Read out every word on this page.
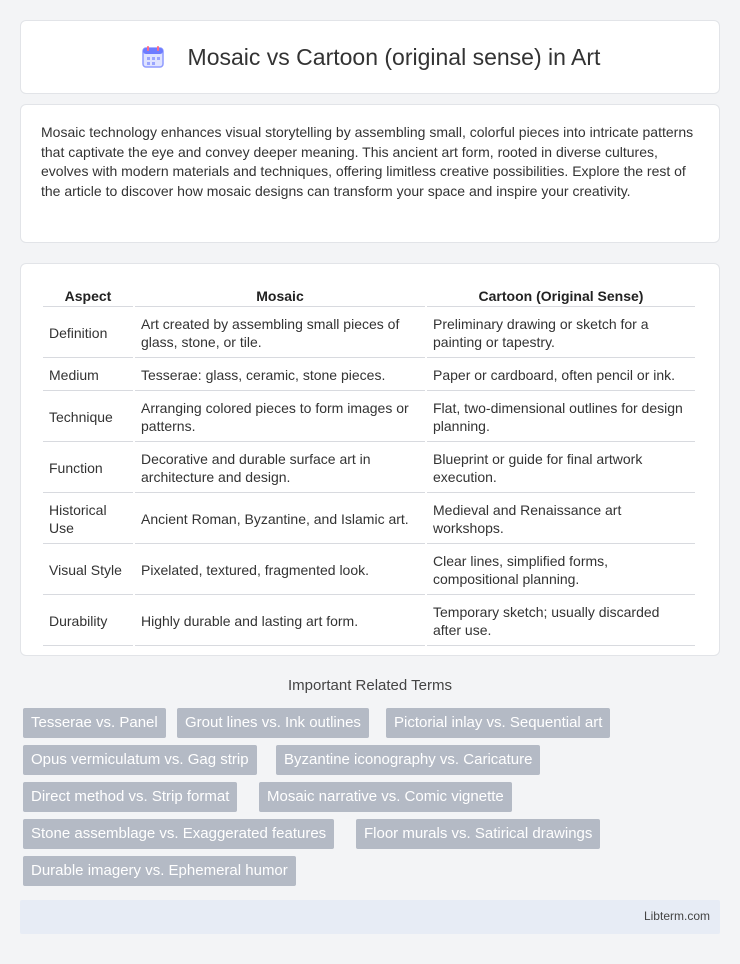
Mosaic vs Cartoon (original sense) in Art

Mosaic technology enhances visual storytelling by assembling small, colorful pieces into intricate patterns that captivate the eye and convey deeper meaning. This ancient art form, rooted in diverse cultures, evolves with modern materials and techniques, offering limitless creative possibilities. Explore the rest of the article to discover how mosaic designs can transform your space and inspire your creativity.

Aspect	Mosaic	Cartoon (Original Sense)
Definition	Art created by assembling small pieces of glass, stone, or tile.	Preliminary drawing or sketch for a painting or tapestry.
Medium	Tesserae: glass, ceramic, stone pieces.	Paper or cardboard, often pencil or ink.
Technique	Arranging colored pieces to form images or patterns.	Flat, two-dimensional outlines for design planning.
Function	Decorative and durable surface art in architecture and design.	Blueprint or guide for final artwork execution.
Historical Use	Ancient Roman, Byzantine, and Islamic art.	Medieval and Renaissance art workshops.
Visual Style	Pixelated, textured, fragmented look.	Clear lines, simplified forms, compositional planning.
Durability	Highly durable and lasting art form.	Temporary sketch; usually discarded after use.
Important Related Terms
Tesserae vs. Panel	Grout lines vs. Ink outlines	Pictorial inlay vs. Sequential art
Opus vermiculatum vs. Gag strip	Byzantine iconography vs. Caricature
Direct method vs. Strip format	Mosaic narrative vs. Comic vignette
Stone assemblage vs. Exaggerated features	Floor murals vs. Satirical drawings
Durable imagery vs. Ephemeral humor
Libterm.com
